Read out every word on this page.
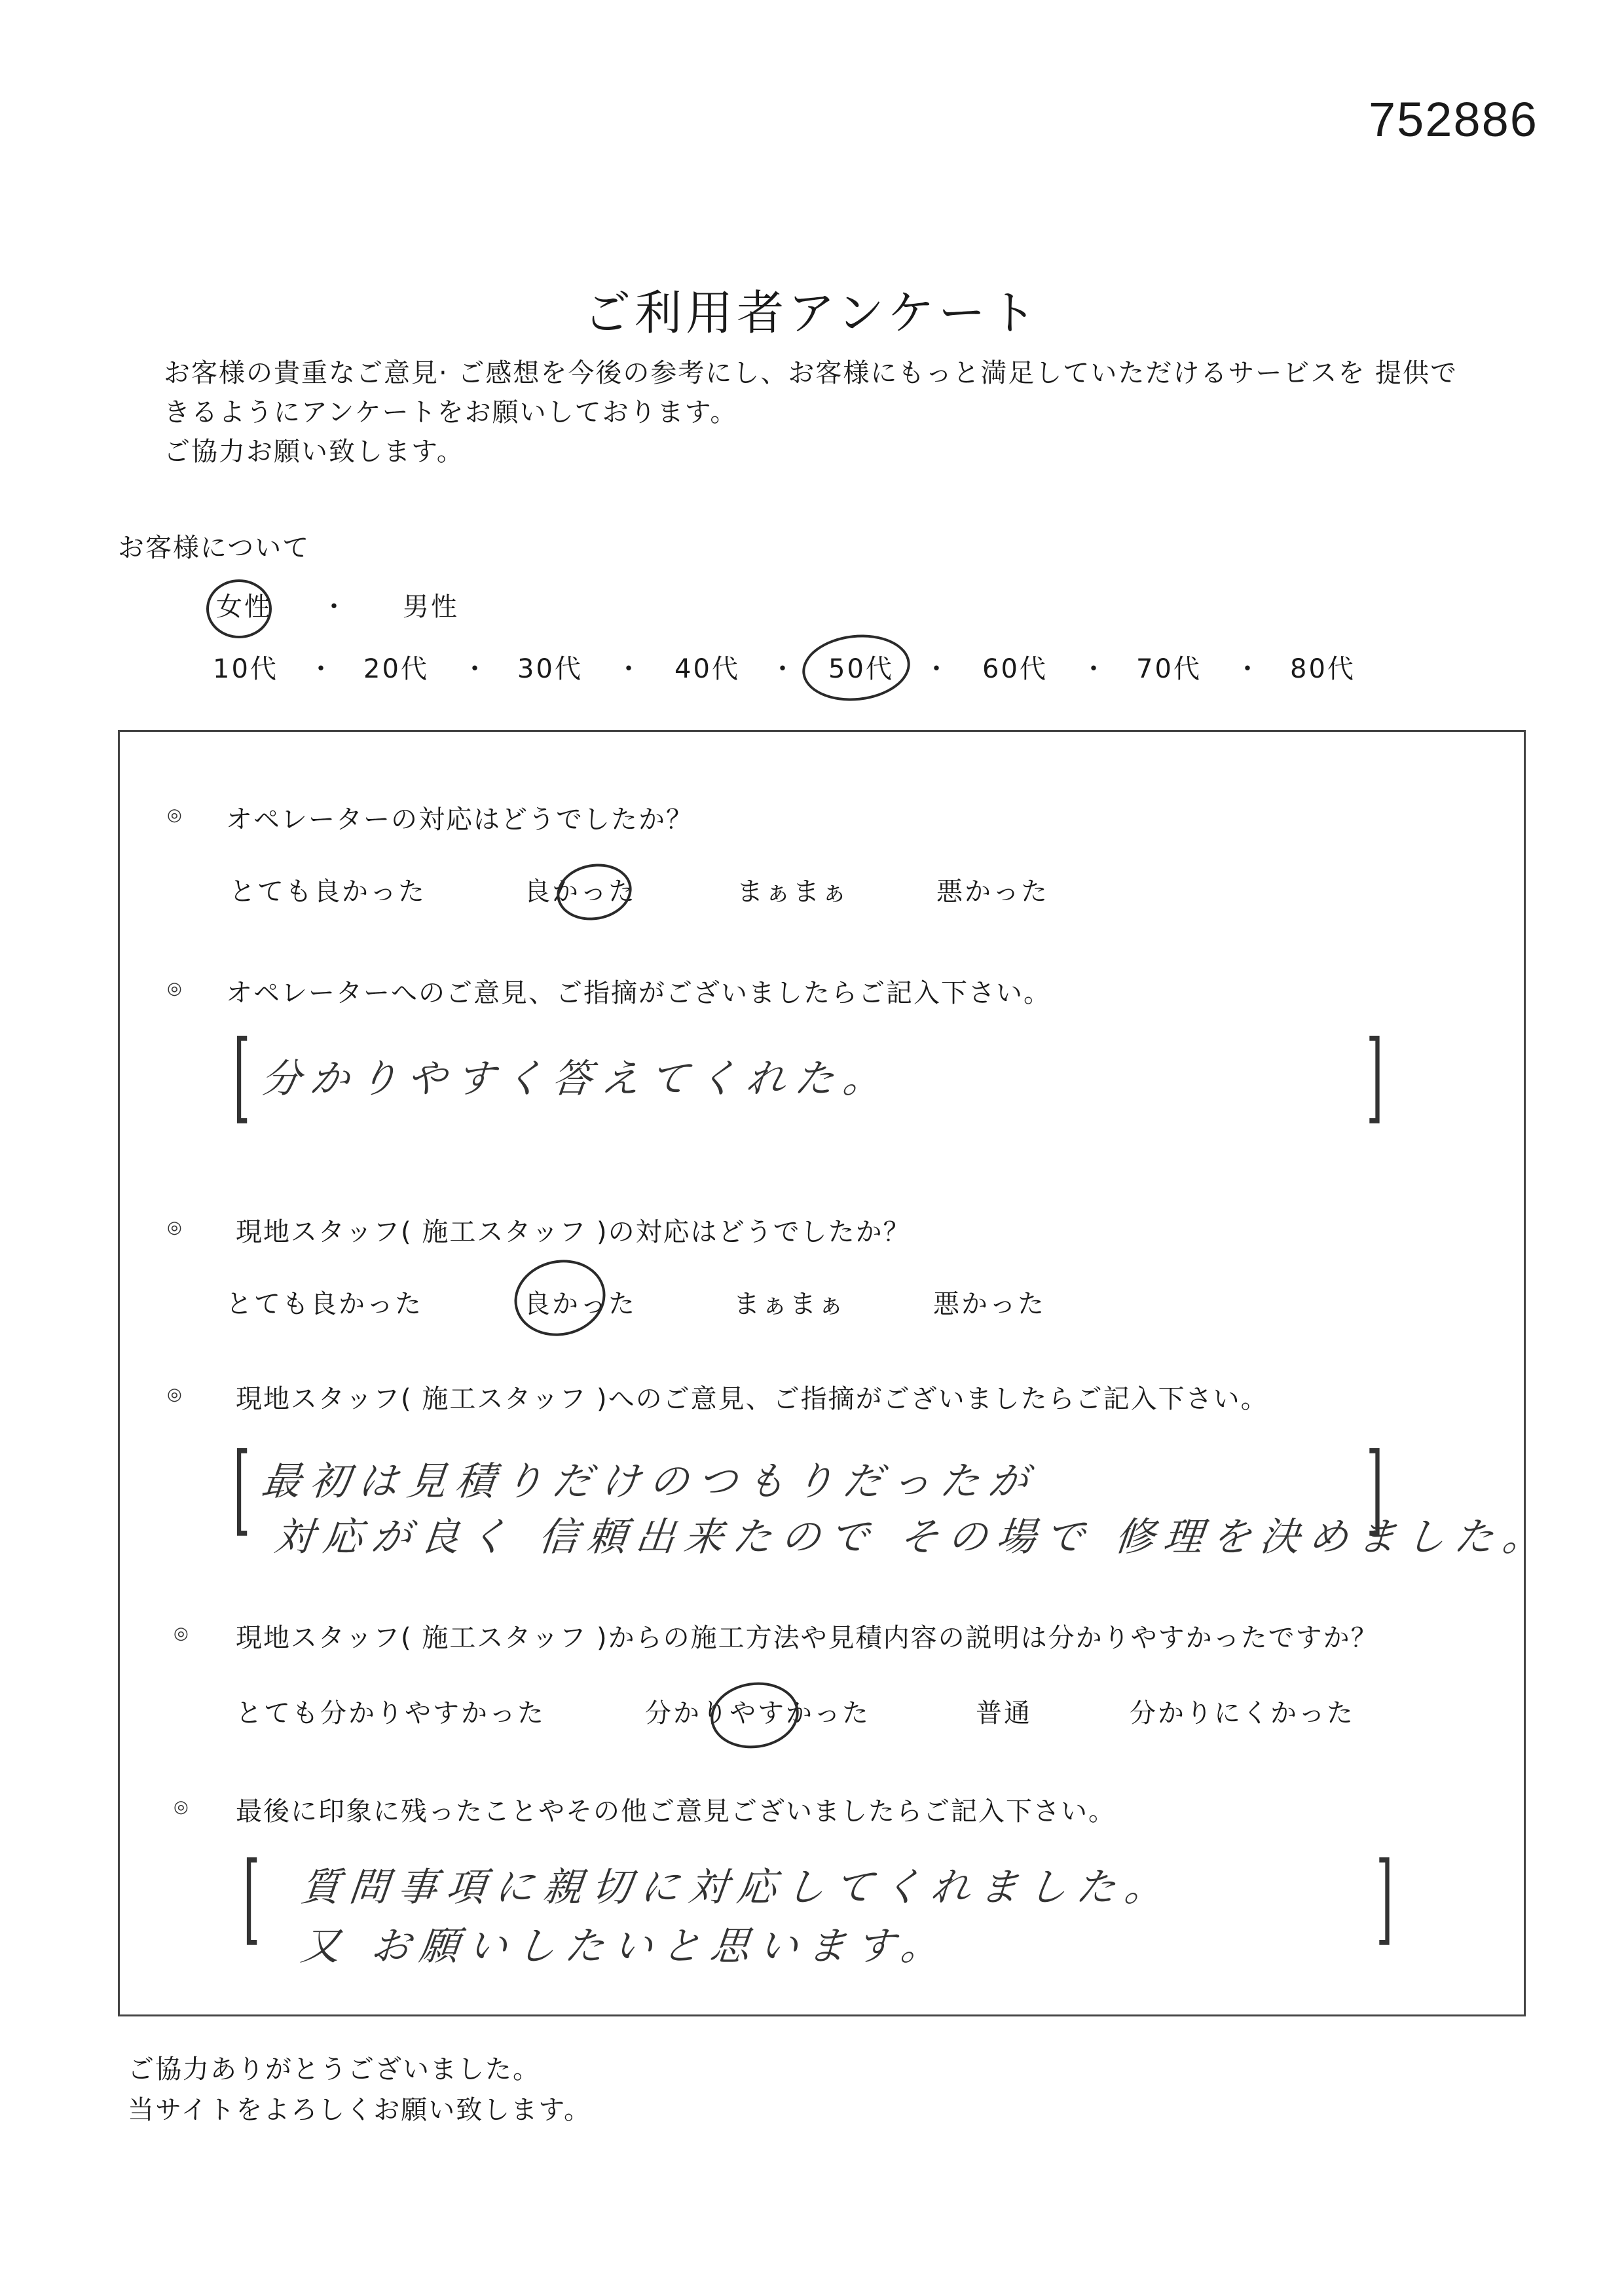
752886
ご利用者アンケート
お客様の貴重なご意見· ご感想を今後の参考にし、お客様にもっと満足していただけるサービスを 提供で
きるようにアンケートをお願いしております。
ご協力お願い致します。
お客様について
女性 ・ 男性
10代 ・ 20代 ・ 30代 ・ 40代 ・ 50代 ・ 60代 ・ 70代 ・ 80代
◎ オペレーターの対応はどうでしたか？
とても良かった	良かった	まぁまぁ	悪かった
◎ オペレーターへのご意見、ご指摘がございましたらご記入下さい。
[	]
分かりやすく答えてくれた。
◎ 現地スタッフ( 施工スタッフ )の対応はどうでしたか？
とても良かった	良かった	まぁまぁ	悪かった
◎ 現地スタッフ( 施工スタッフ )へのご意見、ご指摘がございましたらご記入下さい。
[	]
最初は見積りだけのつもりだったが
対応が良く 信頼出来たので その場で 修理を決めました。
◎ 現地スタッフ( 施工スタッフ )からの施工方法や見積内容の説明は分かりやすかったですか？
とても分かりやすかった	分かりやすかった	普通	分かりにくかった
◎ 最後に印象に残ったことやその他ご意見ございましたらご記入下さい。
[	]
質問事項に親切に対応してくれました。
又 お願いしたいと思います。
ご協力ありがとうございました。
当サイトをよろしくお願い致します。
